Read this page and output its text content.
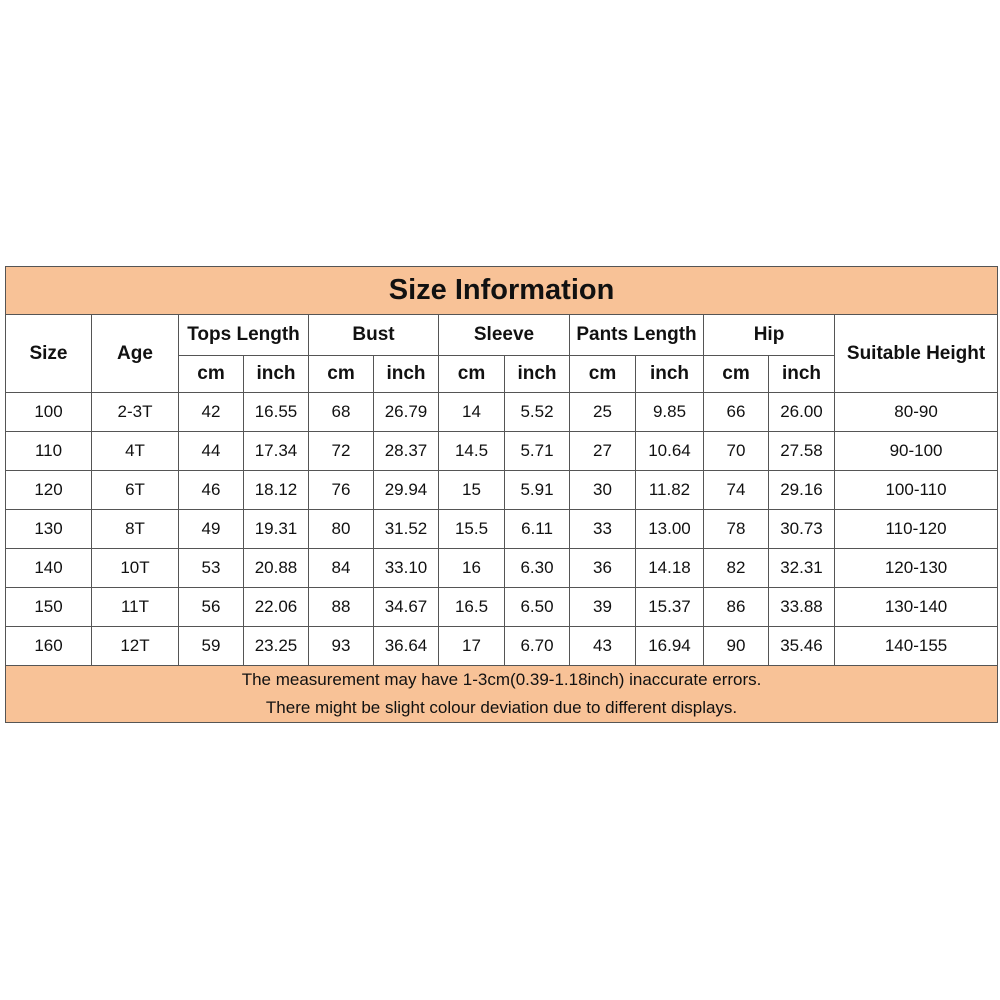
Size Information												
Size	Age	Tops Length		Bust		Sleeve		Pants Length		Hip		Suitable Height
		cm	inch	cm	inch	cm	inch	cm	inch	cm	inch	
100	2-3T	42	16.55	68	26.79	14	5.52	25	9.85	66	26.00	80-90
110	4T	44	17.34	72	28.37	14.5	5.71	27	10.64	70	27.58	90-100
120	6T	46	18.12	76	29.94	15	5.91	30	11.82	74	29.16	100-110
130	8T	49	19.31	80	31.52	15.5	6.11	33	13.00	78	30.73	110-120
140	10T	53	20.88	84	33.10	16	6.30	36	14.18	82	32.31	120-130
150	11T	56	22.06	88	34.67	16.5	6.50	39	15.37	86	33.88	130-140
160	12T	59	23.25	93	36.64	17	6.70	43	16.94	90	35.46	140-155

The measurement may have 1-3cm(0.39-1.18inch) inaccurate errors.
There might be slight colour deviation due to different displays.												
